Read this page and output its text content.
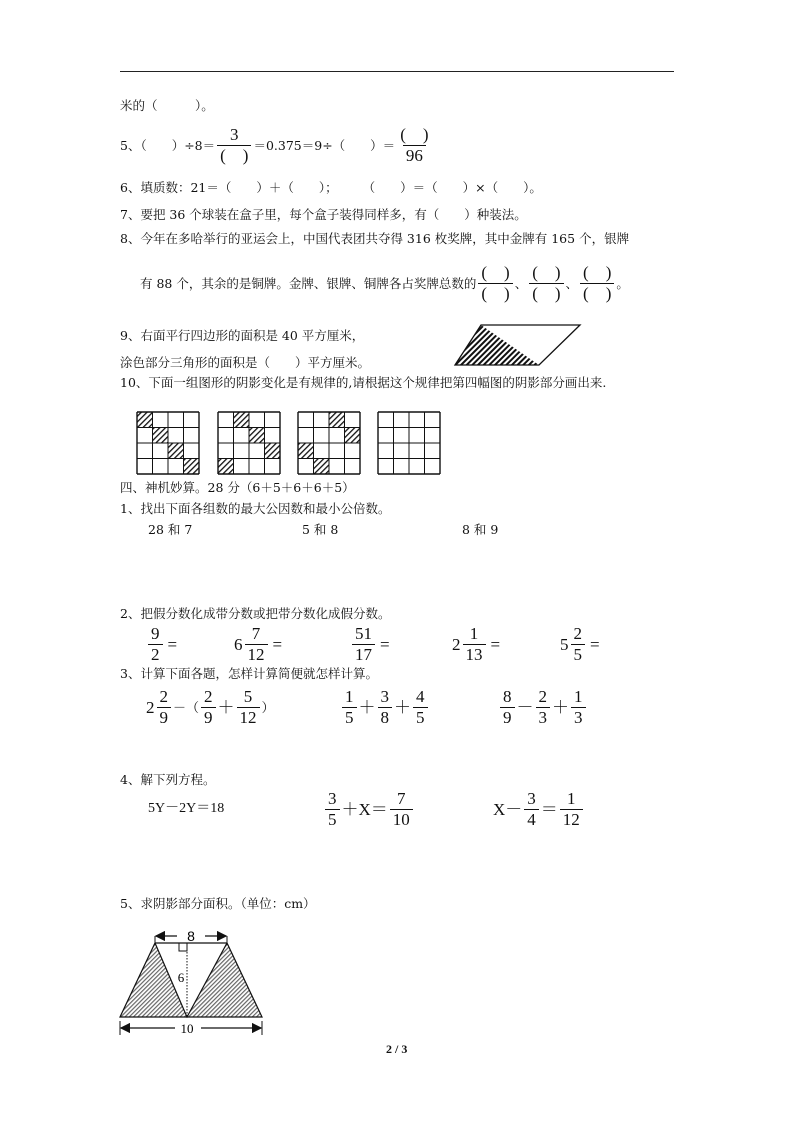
米的（　　　）。
5、（　　）$\div 8= \frac{3}{( )} =0.375=9\div$（　　）＝ $\frac{( )}{96}$
6、填质数：21＝（　　）＋（　　）；　　　（　　）＝（　　）×（　　）。
7、要把 36 个球装在盒子里，每个盒子装得同样多，有（　　）种装法。
8、今年在多哈举行的亚运会上，中国代表团共夺得 316 枚奖牌，其中金牌有 165 个，银牌
有 88 个，其余的是铜牌。金牌、银牌、铜牌各占奖牌总数的 $\frac{( )}{( )}$ 、 $\frac{( )}{( )}$ 、 $\frac{( )}{( )}$ 。
9、右面平行四边形的面积是 40 平方厘米，
涂色部分三角形的面积是（　　）平方厘米。
10、下面一组图形的阴影变化是有规律的,请根据这个规律把第四幅图的阴影部分画出来.
四、神机妙算。28 分（6＋5＋6＋6＋5）
1、找出下面各组数的最大公因数和最小公倍数。
28 和 7	5 和 8	8 和 9
2、把假分数化成带分数或把带分数化成假分数。
$\frac{9}{2}$ =	$6 \frac{7}{12}$ =	$\frac{51}{17}$ =	$2 \frac{1}{13}$ =	$5 \frac{2}{5}$ =
3、计算下面各题，怎样计算简便就怎样计算。
$2 \frac{2}{9}$ －（ $\frac{2}{9} + \frac{5}{12}$ ）	$\frac{1}{5} + \frac{3}{8} + \frac{4}{5}$	$\frac{8}{9} - \frac{2}{3} + \frac{1}{3}$
4、解下列方程。
5Y－2Y＝18	$\frac{3}{5} +X= \frac{7}{10}$	$X- \frac{3}{4} = \frac{1}{12}$
5、求阴影部分面积。（单位：cm）
8
6
10
2 / 3
